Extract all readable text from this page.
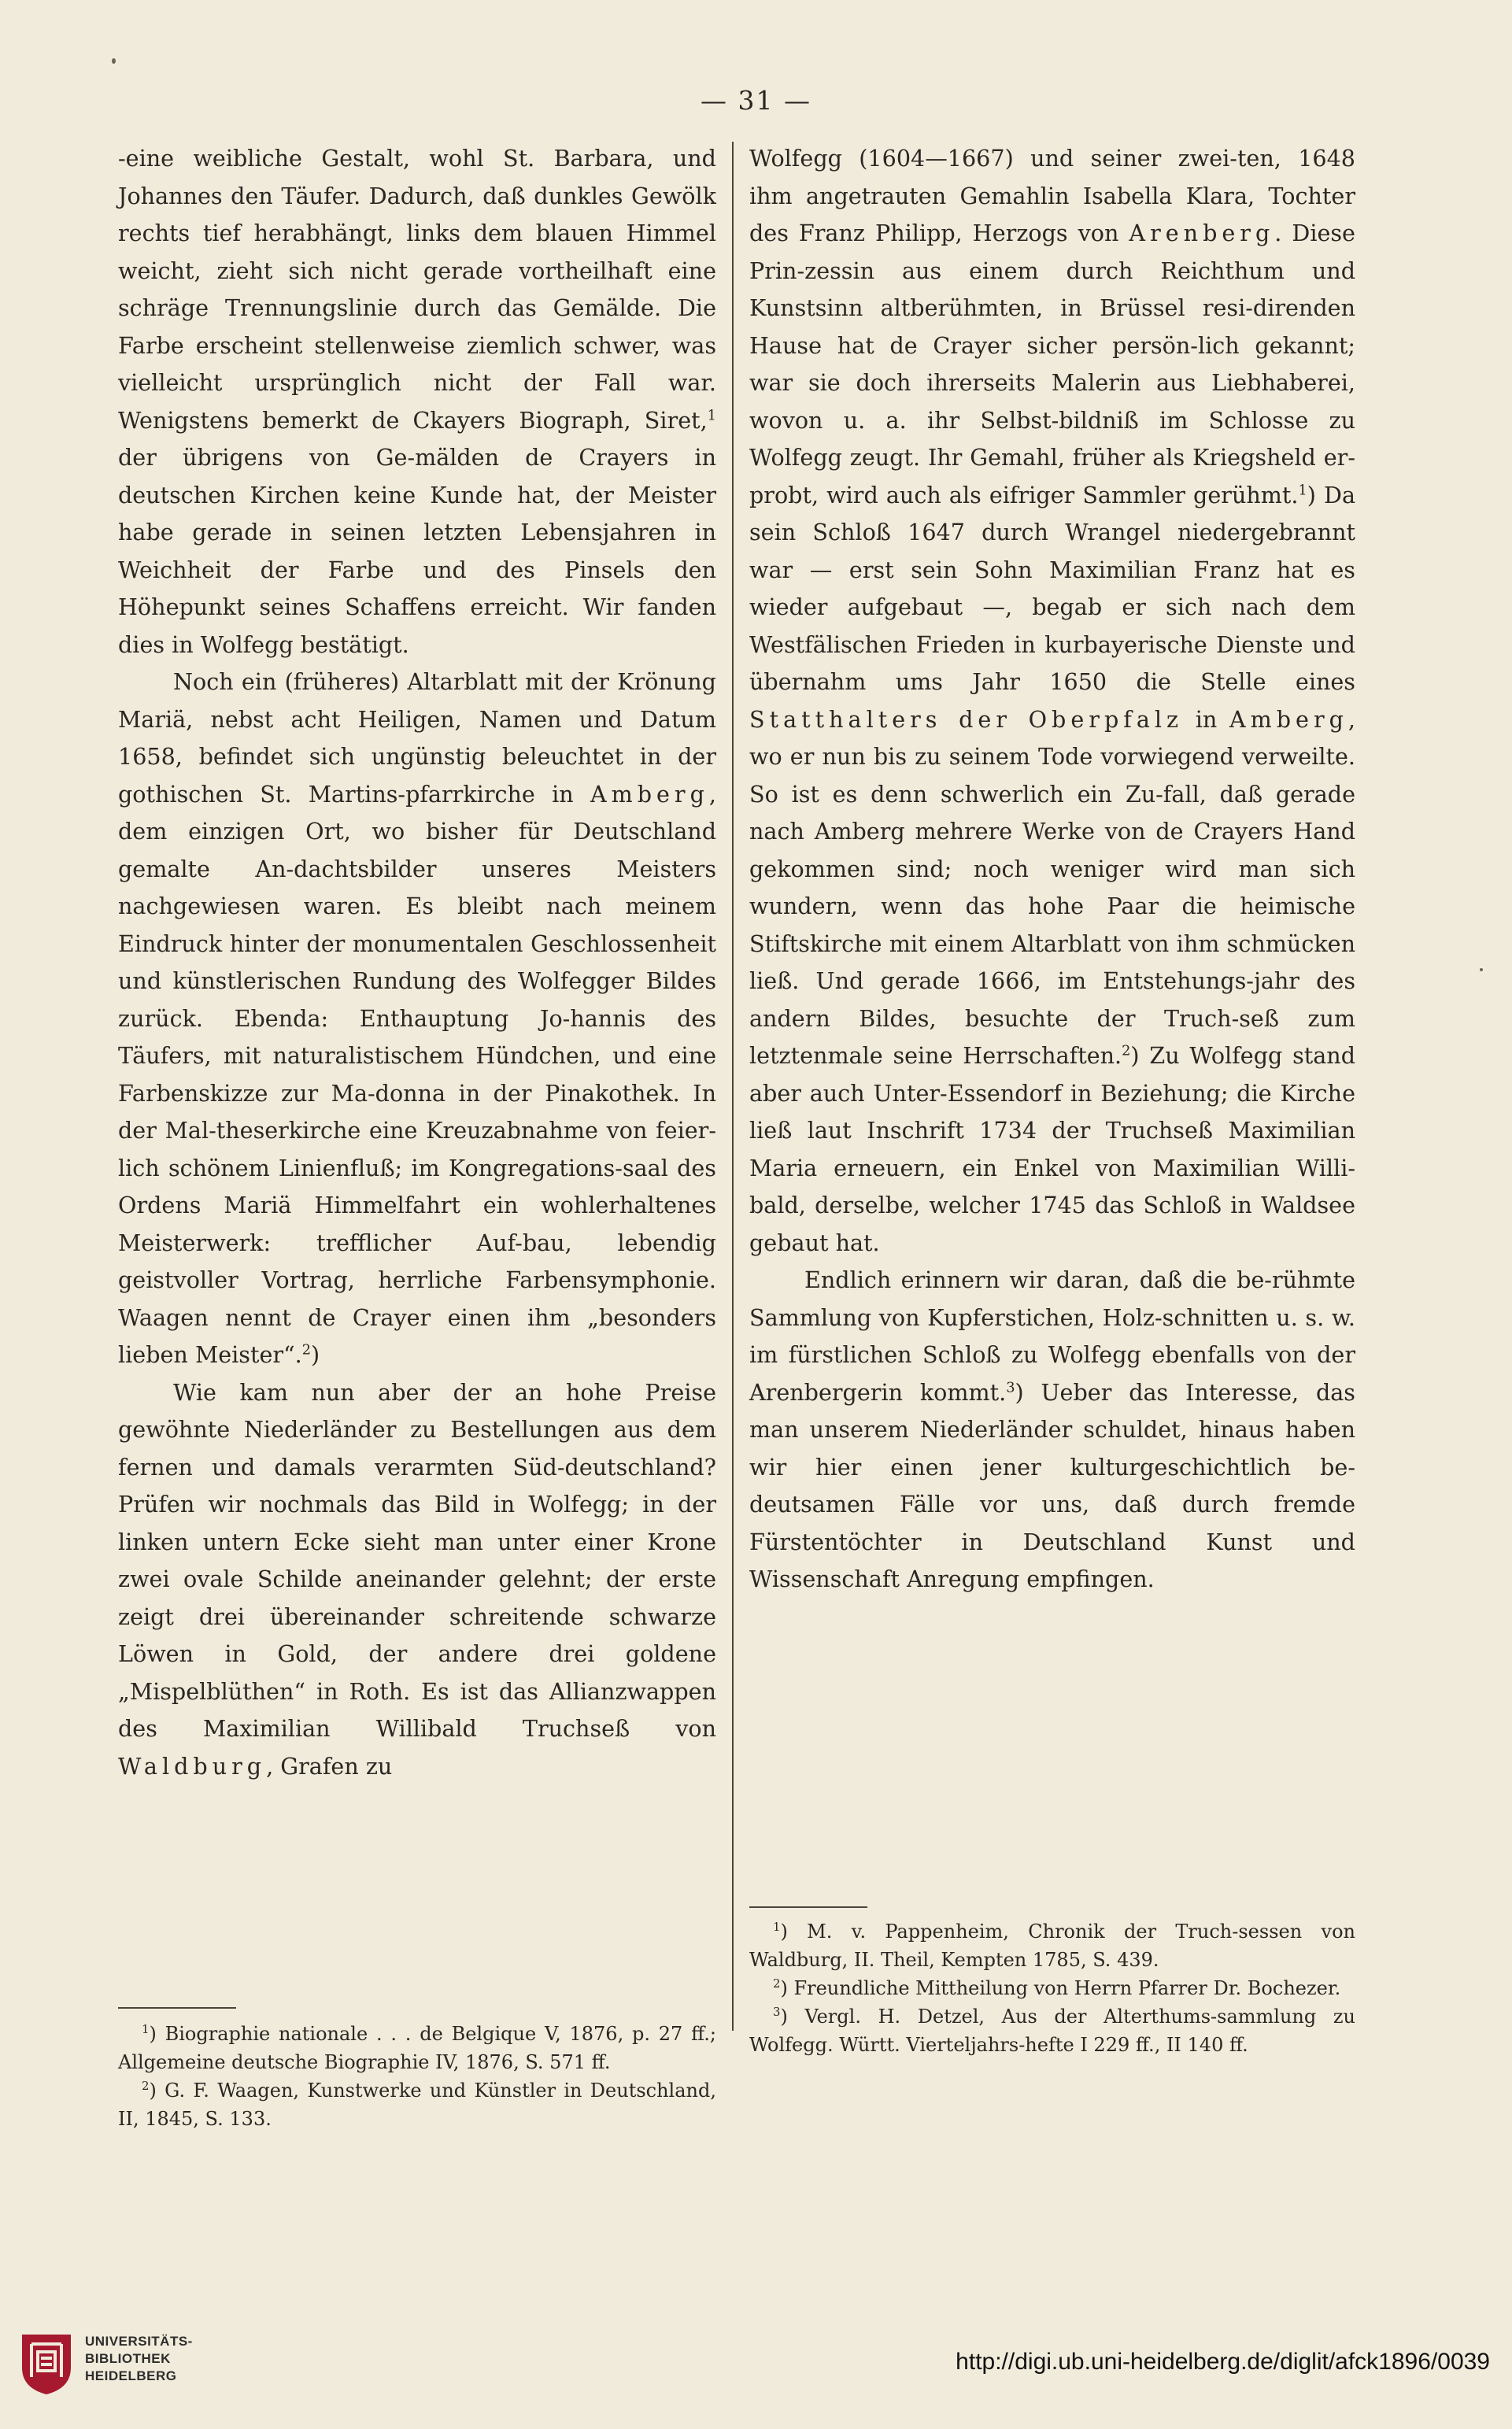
— 31 —

-eine weibliche Gestalt, wohl St. Barbara, und Johannes den Täufer. Dadurch, daß dunkles Gewölk rechts tief herabhängt, links dem blauen Himmel weicht, zieht sich nicht gerade vortheilhaft eine schräge Trennungslinie durch das Gemälde. Die Farbe erscheint stellenweise ziemlich schwer, was vielleicht ursprünglich nicht der Fall war. Wenigstens bemerkt de Ckayers Biograph, Siret,$^1$ der übrigens von Ge-mälden de Crayers in deutschen Kirchen keine Kunde hat, der Meister habe gerade in seinen letzten Lebensjahren in Weichheit der Farbe und des Pinsels den Höhepunkt seines Schaffens erreicht. Wir fanden dies in Wolfegg bestätigt.

Noch ein (früheres) Altarblatt mit der Krönung Mariä, nebst acht Heiligen, Namen und Datum 1658, befindet sich ungünstig beleuchtet in der gothischen St. Martins-pfarrkirche in Amberg, dem einzigen Ort, wo bisher für Deutschland gemalte An-dachtsbilder unseres Meisters nachgewiesen waren. Es bleibt nach meinem Eindruck hinter der monumentalen Geschlossenheit und künstlerischen Rundung des Wolfegger Bildes zurück. Ebenda: Enthauptung Jo-hannis des Täufers, mit naturalistischem Hündchen, und eine Farbenskizze zur Ma-donna in der Pinakothek. In der Mal-theserkirche eine Kreuzabnahme von feier-lich schönem Linienfluß; im Kongregations-saal des Ordens Mariä Himmelfahrt ein wohlerhaltenes Meisterwerk: trefflicher Auf-bau, lebendig geistvoller Vortrag, herrliche Farbensymphonie. Waagen nennt de Crayer einen ihm „besonders lieben Meister“.$^2$)

Wie kam nun aber der an hohe Preise gewöhnte Niederländer zu Bestellungen aus dem fernen und damals verarmten Süd-deutschland? Prüfen wir nochmals das Bild in Wolfegg; in der linken untern Ecke sieht man unter einer Krone zwei ovale Schilde aneinander gelehnt; der erste zeigt drei übereinander schreitende schwarze Löwen in Gold, der andere drei goldene „Mispelblüthen“ in Roth. Es ist das Allianzwappen des Maximilian Willibald Truchseß von Waldburg, Grafen zu

Wolfegg (1604—1667) und seiner zwei-ten, 1648 ihm angetrauten Gemahlin Isabella Klara, Tochter des Franz Philipp, Herzogs von Arenberg. Diese Prin-zessin aus einem durch Reichthum und Kunstsinn altberühmten, in Brüssel resi-direnden Hause hat de Crayer sicher persön-lich gekannt; war sie doch ihrerseits Malerin aus Liebhaberei, wovon u. a. ihr Selbst-bildniß im Schlosse zu Wolfegg zeugt. Ihr Gemahl, früher als Kriegsheld er-probt, wird auch als eifriger Sammler gerühmt.$^1$) Da sein Schloß 1647 durch Wrangel niedergebrannt war — erst sein Sohn Maximilian Franz hat es wieder aufgebaut —, begab er sich nach dem Westfälischen Frieden in kurbayerische Dienste und übernahm ums Jahr 1650 die Stelle eines Statthalters der Oberpfalz in Amberg, wo er nun bis zu seinem Tode vorwiegend verweilte. So ist es denn schwerlich ein Zu-fall, daß gerade nach Amberg mehrere Werke von de Crayers Hand gekommen sind; noch weniger wird man sich wundern, wenn das hohe Paar die heimische Stiftskirche mit einem Altarblatt von ihm schmücken ließ. Und gerade 1666, im Entstehungs-jahr des andern Bildes, besuchte der Truch-seß zum letztenmale seine Herrschaften.$^2$) Zu Wolfegg stand aber auch Unter-Essendorf in Beziehung; die Kirche ließ laut Inschrift 1734 der Truchseß Maximilian Maria erneuern, ein Enkel von Maximilian Willi-bald, derselbe, welcher 1745 das Schloß in Waldsee gebaut hat.

Endlich erinnern wir daran, daß die be-rühmte Sammlung von Kupferstichen, Holz-schnitten u. s. w. im fürstlichen Schloß zu Wolfegg ebenfalls von der Arenbergerin kommt.$^3$) Ueber das Interesse, das man unserem Niederländer schuldet, hinaus haben wir hier einen jener kulturgeschichtlich be-deutsamen Fälle vor uns, daß durch fremde Fürstentöchter in Deutschland Kunst und Wissenschaft Anregung empfingen.

$^1$) Biographie nationale . . . de Belgique V, 1876, p. 27 ff.; Allgemeine deutsche Biographie IV, 1876, S. 571 ff.

$^2$) G. F. Waagen, Kunstwerke und Künstler in Deutschland, II, 1845, S. 133.

$^1$) M. v. Pappenheim, Chronik der Truch-sessen von Waldburg, II. Theil, Kempten 1785, S. 439.

$^2$) Freundliche Mittheilung von Herrn Pfarrer Dr. Bochezer.

$^3$) Vergl. H. Detzel, Aus der Alterthums-sammlung zu Wolfegg. Württ. Vierteljahrs-hefte I 229 ff., II 140 ff.

UNIVERSITÄTS-
BIBLIOTHEK
HEIDELBERG
http://digi.ub.uni-heidelberg.de/diglit/afck1896/0039
